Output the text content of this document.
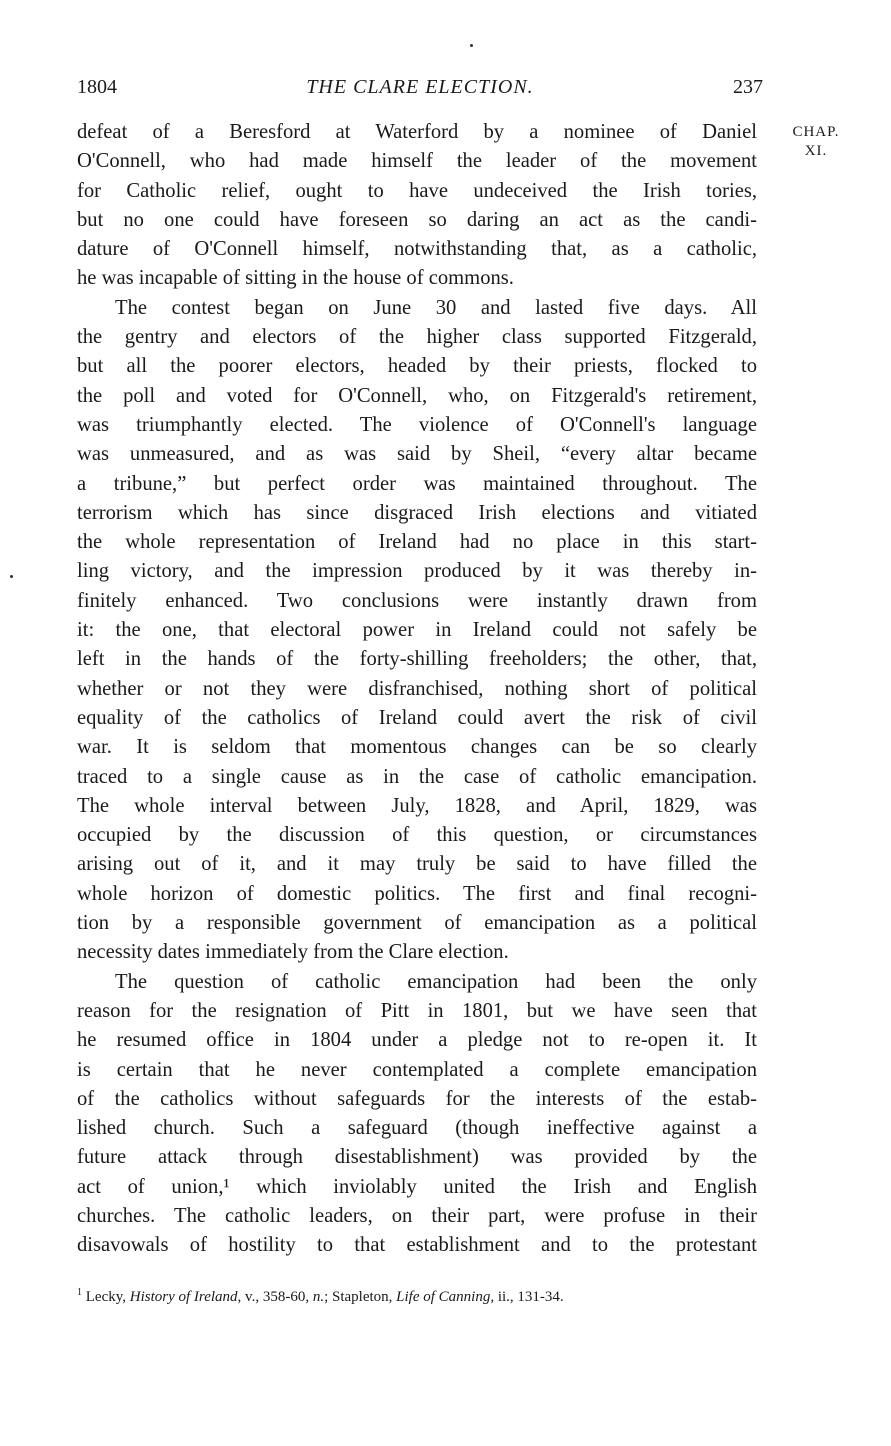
1804	THE CLARE ELECTION.	237
CHAP.
XI.
defeat of a Beresford at Waterford by a nominee of Daniel
O'Connell, who had made himself the leader of the movement
for Catholic relief, ought to have undeceived the Irish tories,
but no one could have foreseen so daring an act as the candi-
dature of O'Connell himself, notwithstanding that, as a catholic,
he was incapable of sitting in the house of commons.
The contest began on June 30 and lasted five days. All
the gentry and electors of the higher class supported Fitzgerald,
but all the poorer electors, headed by their priests, flocked to
the poll and voted for O'Connell, who, on Fitzgerald's retirement,
was triumphantly elected. The violence of O'Connell's language
was unmeasured, and as was said by Sheil, “every altar became
a tribune,” but perfect order was maintained throughout. The
terrorism which has since disgraced Irish elections and vitiated
the whole representation of Ireland had no place in this start-
ling victory, and the impression produced by it was thereby in-
finitely enhanced. Two conclusions were instantly drawn from
it: the one, that electoral power in Ireland could not safely be
left in the hands of the forty-shilling freeholders; the other, that,
whether or not they were disfranchised, nothing short of political
equality of the catholics of Ireland could avert the risk of civil
war. It is seldom that momentous changes can be so clearly
traced to a single cause as in the case of catholic emancipation.
The whole interval between July, 1828, and April, 1829, was
occupied by the discussion of this question, or circumstances
arising out of it, and it may truly be said to have filled the
whole horizon of domestic politics. The first and final recogni-
tion by a responsible government of emancipation as a political
necessity dates immediately from the Clare election.
The question of catholic emancipation had been the only
reason for the resignation of Pitt in 1801, but we have seen that
he resumed office in 1804 under a pledge not to re-open it. It
is certain that he never contemplated a complete emancipation
of the catholics without safeguards for the interests of the estab-
lished church. Such a safeguard (though ineffective against a
future attack through disestablishment) was provided by the
act of union,¹ which inviolably united the Irish and English
churches. The catholic leaders, on their part, were profuse in their
disavowals of hostility to that establishment and to the protestant
$^1$ Lecky, History of Ireland, v., 358-60, n.; Stapleton, Life of Canning, ii., 131-34.
